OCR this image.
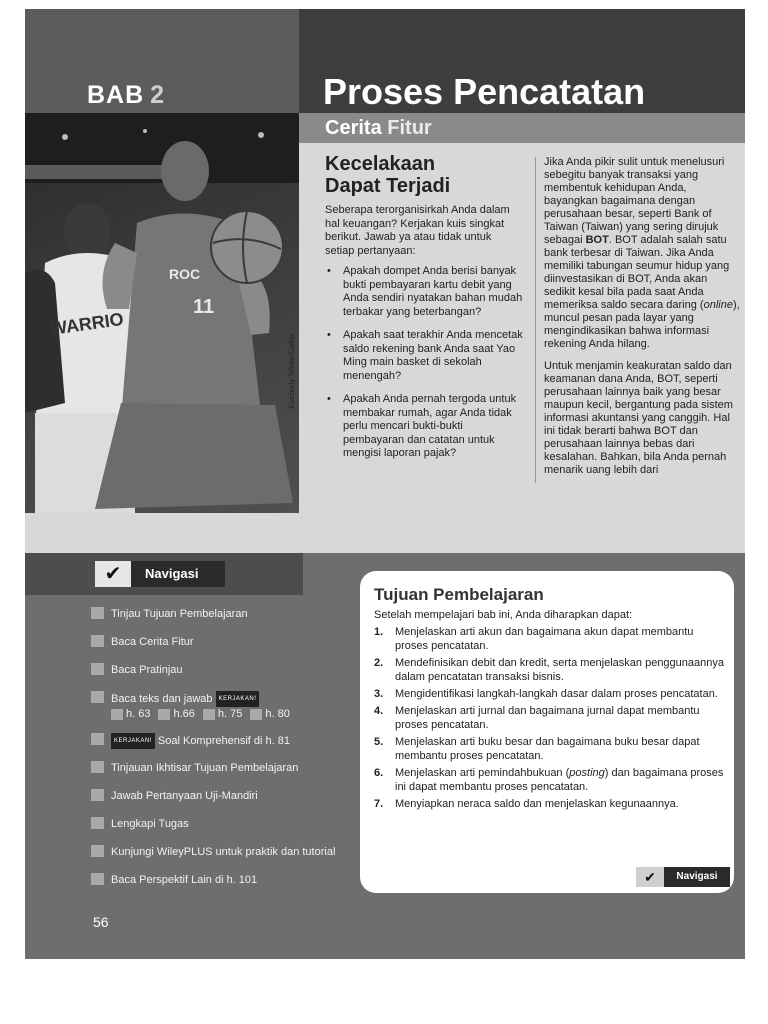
BAB 2	Proses Pencatatan
Cerita Fitur
WARRIO
ROC
11
Kimberly White/Corbis
Kecelakaan
Dapat Terjadi
Seberapa terorganisirkah Anda dalam hal keuangan? Kerjakan kuis singkat berikut. Jawab ya atau tidak untuk setiap pertanyaan:
• Apakah dompet Anda berisi banyak bukti pembayaran kartu debit yang Anda sendiri nyatakan bahan mudah terbakar yang beterbangan?
• Apakah saat terakhir Anda mencetak saldo rekening bank Anda saat Yao Ming main basket di sekolah menengah?
• Apakah Anda pernah tergoda untuk membakar rumah, agar Anda tidak perlu mencari bukti-bukti pembayaran dan catatan untuk mengisi laporan pajak?

Jika Anda pikir sulit untuk menelusuri sebegitu banyak transaksi yang membentuk kehidupan Anda, bayangkan bagaimana dengan perusahaan besar, seperti Bank of Taiwan (Taiwan) yang sering dirujuk sebagai BOT. BOT adalah salah satu bank terbesar di Taiwan. Jika Anda memiliki tabungan seumur hidup yang diinvestasikan di BOT, Anda akan sedikit kesal bila pada saat Anda memeriksa saldo secara daring (online), muncul pesan pada layar yang mengindikasikan bahwa informasi rekening Anda hilang.

Untuk menjamin keakuratan saldo dan keamanan dana Anda, BOT, seperti perusahaan lainnya baik yang besar maupun kecil, bergantung pada sistem informasi akuntansi yang canggih. Hal ini tidak berarti bahwa BOT dan perusahaan lainnya bebas dari kesalahan. Bahkan, bila Anda pernah menarik uang lebih dari

✔	Navigasi
Tinjau Tujuan Pembelajaran
Baca Cerita Fitur
Baca Pratinjau
Baca teks dan jawab KERJAKAN!
h. 63 h.66 h. 75 h. 80
KERJAKAN! Soal Komprehensif di h. 81
Tinjauan Ikhtisar Tujuan Pembelajaran
Jawab Pertanyaan Uji-Mandiri
Lengkapi Tugas
Kunjungi WileyPLUS untuk praktik dan tutorial
Baca Perspektif Lain di h. 101
56
Tujuan Pembelajaran
Setelah mempelajari bab ini, Anda diharapkan dapat:
1. Menjelaskan arti akun dan bagaimana akun dapat membantu proses pencatatan.
2. Mendefinisikan debit dan kredit, serta menjelaskan penggunaannya dalam pencatatan transaksi bisnis.
3. Mengidentifikasi langkah-langkah dasar dalam proses pencatatan.
4. Menjelaskan arti jurnal dan bagaimana jurnal dapat membantu proses pencatatan.
5. Menjelaskan arti buku besar dan bagaimana buku besar dapat membantu proses pencatatan.
6. Menjelaskan arti pemindahbukuan (posting) dan bagaimana proses ini dapat membantu proses pencatatan.
7. Menyiapkan neraca saldo dan menjelaskan kegunaannya.
✔	Navigasi
